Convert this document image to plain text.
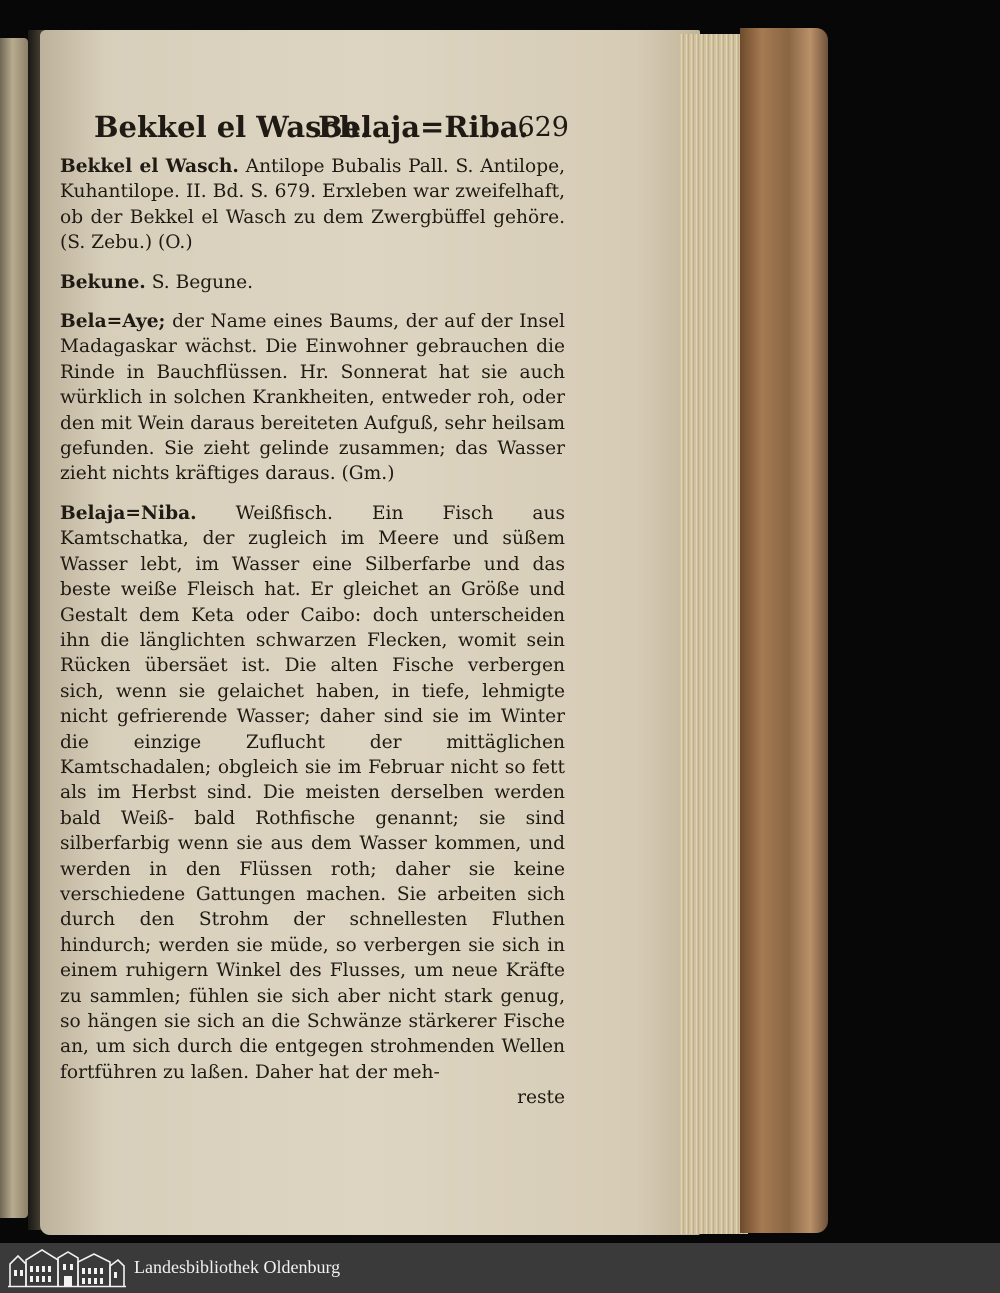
Bekkel el Wasch.
Belaja=Riba.
629

Bekkel el Wasch. Antilope Bubalis Pall. S. Antilope, Kuhantilope. II. Bd. S. 679. Erxleben war zweifelhaft, ob der Bekkel el Wasch zu dem Zwergbüffel gehöre. (S. Zebu.) (O.)

Bekune. S. Begune.

Bela=Aye; der Name eines Baums, der auf der Insel Madagaskar wächst. Die Einwohner gebrauchen die Rinde in Bauchflüssen. Hr. Sonnerat hat sie auch würklich in solchen Krankheiten, entweder roh, oder den mit Wein daraus bereiteten Aufguß, sehr heilsam gefunden. Sie zieht gelinde zusammen; das Wasser zieht nichts kräftiges daraus. (Gm.)

Belaja=Niba. Weißfisch. Ein Fisch aus Kamtschatka, der zugleich im Meere und süßem Wasser lebt, im Wasser eine Silberfarbe und das beste weiße Fleisch hat. Er gleichet an Größe und Gestalt dem Keta oder Caibo: doch unterscheiden ihn die länglichten schwarzen Flecken, womit sein Rücken übersäet ist. Die alten Fische verbergen sich, wenn sie gelaichet haben, in tiefe, lehmigte nicht gefrierende Wasser; daher sind sie im Winter die einzige Zuflucht der mittäglichen Kamtschadalen; obgleich sie im Februar nicht so fett als im Herbst sind. Die meisten derselben werden bald Weiß- bald Rothfische genannt; sie sind silberfarbig wenn sie aus dem Wasser kommen, und werden in den Flüssen roth; daher sie keine verschiedene Gattungen machen. Sie arbeiten sich durch den Strohm der schnellesten Fluthen hindurch; werden sie müde, so verbergen sie sich in einem ruhigern Winkel des Flusses, um neue Kräfte zu sammlen; fühlen sie sich aber nicht stark genug, so hängen sie sich an die Schwänze stärkerer Fische an, um sich durch die entgegen strohmenden Wellen fortführen zu laßen. Daher hat der meh-

reste
Landesbibliothek Oldenburg
